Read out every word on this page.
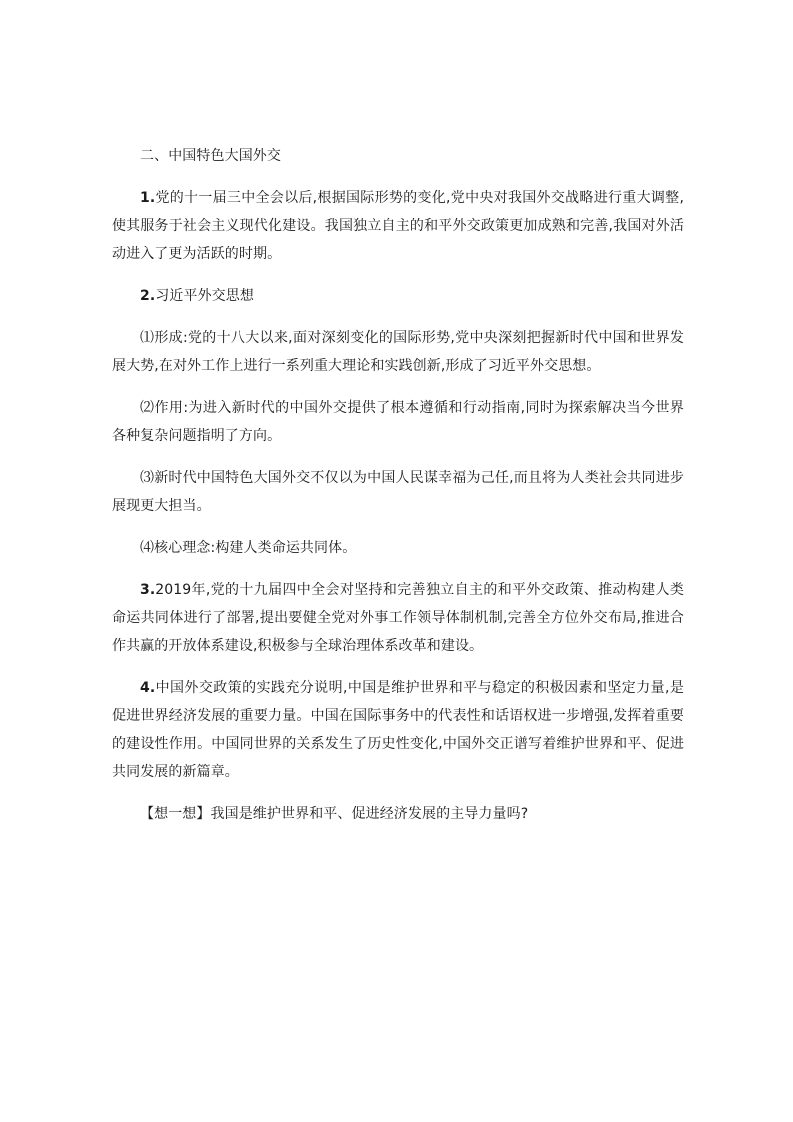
二、中国特色大国外交

1.党的十一届三中全会以后,根据国际形势的变化,党中央对我国外交战略进行重大调整,使其服务于社会主义现代化建设。我国独立自主的和平外交政策更加成熟和完善,我国对外活动进入了更为活跃的时期。

2.习近平外交思想

⑴形成:党的十八大以来,面对深刻变化的国际形势,党中央深刻把握新时代中国和世界发展大势,在对外工作上进行一系列重大理论和实践创新,形成了习近平外交思想。

⑵作用:为进入新时代的中国外交提供了根本遵循和行动指南,同时为探索解决当今世界各种复杂问题指明了方向。

⑶新时代中国特色大国外交不仅以为中国人民谋幸福为己任,而且将为人类社会共同进步展现更大担当。

⑷核心理念:构建人类命运共同体。

3.2019年,党的十九届四中全会对坚持和完善独立自主的和平外交政策、推动构建人类命运共同体进行了部署,提出要健全党对外事工作领导体制机制,完善全方位外交布局,推进合作共赢的开放体系建设,积极参与全球治理体系改革和建设。

4.中国外交政策的实践充分说明,中国是维护世界和平与稳定的积极因素和坚定力量,是促进世界经济发展的重要力量。中国在国际事务中的代表性和话语权进一步增强,发挥着重要的建设性作用。中国同世界的关系发生了历史性变化,中国外交正谱写着维护世界和平、促进共同发展的新篇章。

【想一想】我国是维护世界和平、促进经济发展的主导力量吗?
